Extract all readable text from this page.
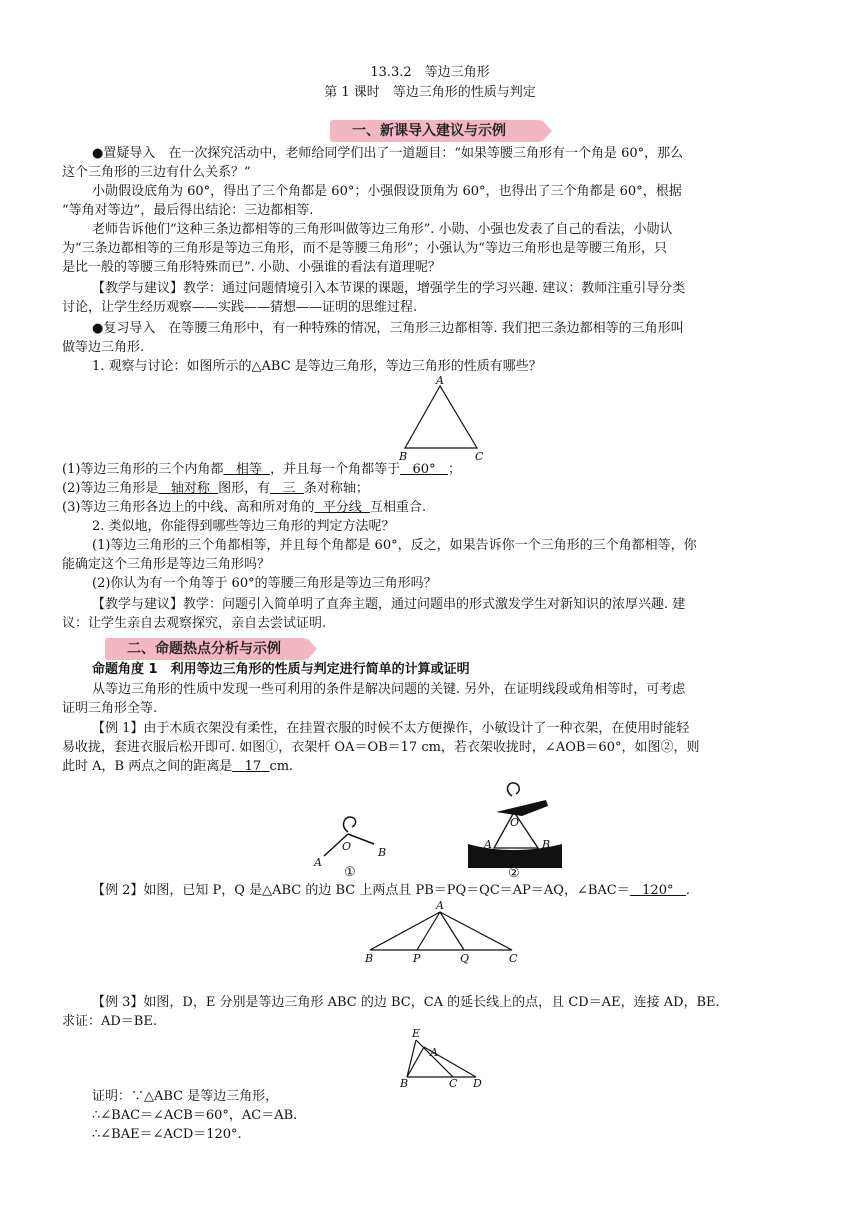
13.3.2　等边三角形
第 1 课时　等边三角形的性质与判定
一、新课导入建议与示例
●置疑导入　在一次探究活动中，老师给同学们出了一道题目：“如果等腰三角形有一个角是 60°，那么
这个三角形的三边有什么关系？”
小勋假设底角为 60°，得出了三个角都是 60°；小强假设顶角为 60°，也得出了三个角都是 60°，根据
“等角对等边”，最后得出结论：三边都相等.
老师告诉他们“这种三条边都相等的三角形叫做等边三角形”. 小勋、小强也发表了自己的看法，小勋认
为“三条边都相等的三角形是等边三角形，而不是等腰三角形”；小强认为“等边三角形也是等腰三角形，只
是比一般的等腰三角形特殊而已”. 小勋、小强谁的看法有道理呢？
【教学与建议】教学：通过问题情境引入本节课的课题，增强学生的学习兴趣. 建议：教师注重引导分类
讨论，让学生经历观察——实践——猜想——证明的思维过程.
●复习导入　在等腰三角形中，有一种特殊的情况，三角形三边都相等. 我们把三条边都相等的三角形叫
做等边三角形.
1. 观察与讨论：如图所示的△ABC 是等边三角形，等边三角形的性质有哪些？
A
B	C
(1)等边三角形的三个内角都 相等 ，并且每一个角都等于 60° ；
(2)等边三角形是 轴对称 图形，有 三 条对称轴；
(3)等边三角形各边上的中线、高和所对角的 平分线 互相重合.
2. 类似地，你能得到哪些等边三角形的判定方法呢？
(1)等边三角形的三个角都相等，并且每个角都是 60°，反之，如果告诉你一个三角形的三个角都相等，你
能确定这个三角形是等边三角形吗？
(2)你认为有一个角等于 60°的等腰三角形是等边三角形吗？
【教学与建议】教学：问题引入简单明了直奔主题，通过问题串的形式激发学生对新知识的浓厚兴趣. 建
议：让学生亲自去观察探究，亲自去尝试证明.
二、命题热点分析与示例
命题角度 1　利用等边三角形的性质与判定进行简单的计算或证明
从等边三角形的性质中发现一些可利用的条件是解决问题的关键. 另外，在证明线段或角相等时，可考虑
证明三角形全等.
【例 1】由于木质衣架没有柔性，在挂置衣服的时候不太方便操作，小敏设计了一种衣架，在使用时能轻
易收拢，套进衣服后松开即可. 如图①，衣架杆 OA＝OB＝17 cm，若衣架收拢时，∠AOB＝60°，如图②，则
此时 A，B 两点之间的距离是 17 cm.
O
A
B
①
O
A	B
②
【例 2】如图，已知 P，Q 是△ABC 的边 BC 上两点且 PB＝PQ＝QC＝AP＝AQ，∠BAC＝ 120° .
A
B	P	Q	C
【例 3】如图，D，E 分别是等边三角形 ABC 的边 BC，CA 的延长线上的点，且 CD＝AE，连接 AD，BE.
求证：AD＝BE.
E
A
B	C D
证明：∵△ABC 是等边三角形，
∴∠BAC＝∠ACB＝60°，AC＝AB.
∴∠BAE＝∠ACD＝120°.
